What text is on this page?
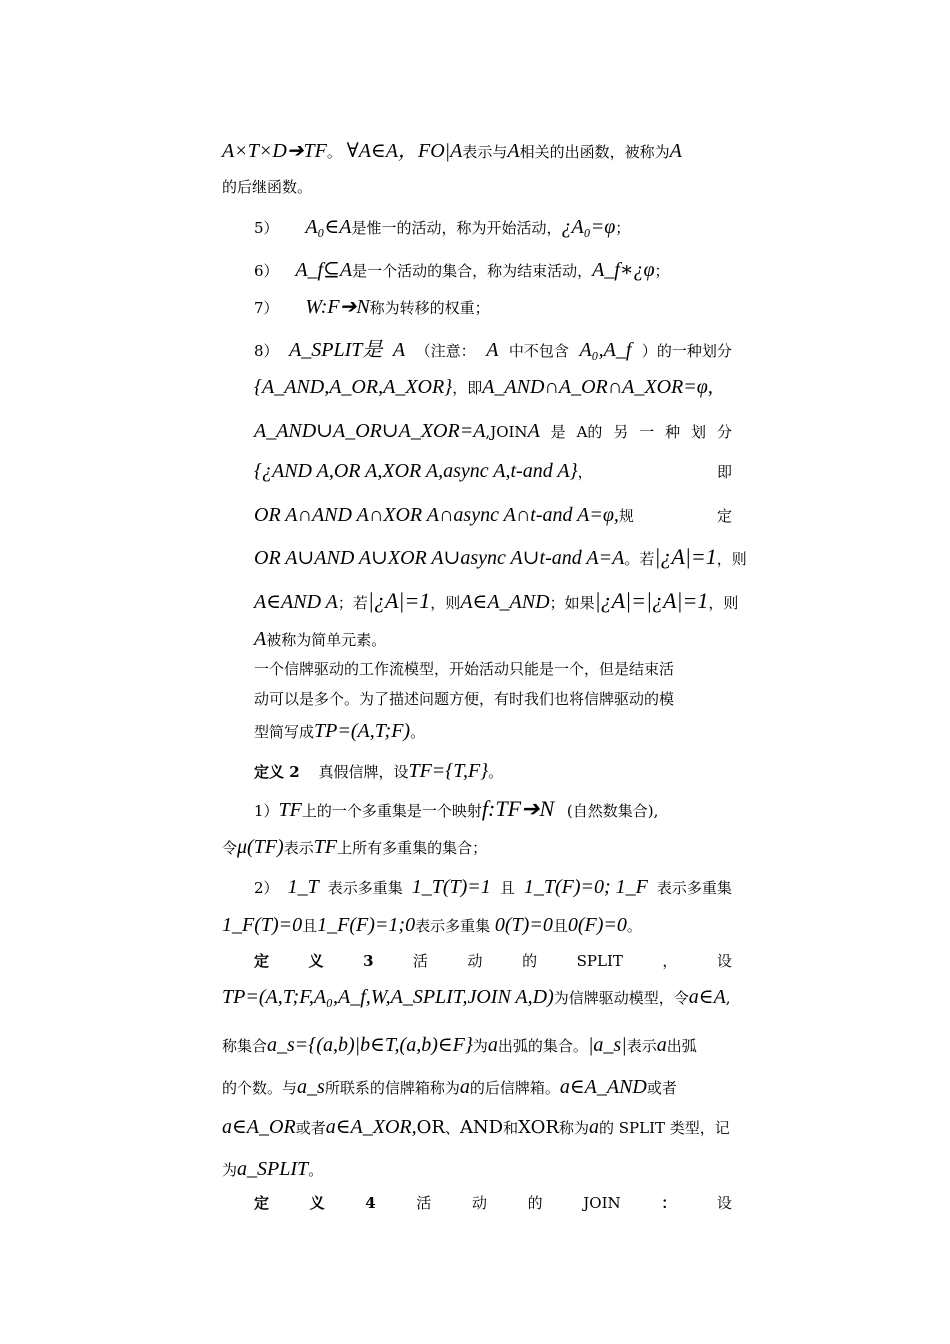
A×T×D➔TF。 ∀A∈A，FO|A表示与A相关的出函数，被称为A
的后继函数。
5） A₀∈A是惟一的活动，称为开始活动，¿A₀=φ；
6） A_f⊆A是一个活动的集合，称为结束活动，A_f∗¿φ；
7） W:F➔N称为转移的权重；
8） A_SPLIT是 A （注意： A 中不包含 A₀,A_f ）的一种划分
{A_AND,A_OR,A_XOR}，即A_AND∩A_OR∩A_XOR=φ,
A_AND∪A_OR∪A_XOR=A,JOINA 是 A的 另 一 种 划 分
{¿AND A,OR A,XOR A,async A,t-and A}，	即
OR A∩AND A∩XOR A∩async A∩t-and A=φ,规	定
OR A∪AND A∪XOR A∪async A∪t-and A=A 。 若 |¿A|=1， 则
A∈AND A；若|¿A|=1，则A∈A_AND；如果|¿A|=|¿A|=1，则
A被称为简单元素。
一个信牌驱动的工作流模型，开始活动只能是一个，但是结束活
动可以是多个。为了描述问题方便，有时我们也将信牌驱动的模
型简写成TP=(A,T;F)。
定义 2 真假信牌，设TF={T,F}。
1）TF上的一个多重集是一个映射f:TF➔N (自然数集合),
令μ(TF)表示TF上所有多重集的集合；
2） 1_T 表示多重集 1_T(T)=1 且 1_T(F)=0; 1_F 表示多重集
1_F(T)=0且1_F(F)=1;0表示多重集 0(T)=0且0(F)=0。
定	义	3	活	动	的	SPLIT	，	设
TP=(A,T;F,A₀,A_f,W,A_SPLIT,JOIN A,D)为信牌驱动模型，令a∈A,
称集合a_s={(a,b)|b∈T,(a,b)∈F}为a出弧的集合。|a_s|表示a出弧
的个数。与a_s所联系的信牌箱称为a的后信牌箱。a∈A_AND或者
a∈A_OR或者a∈A_XOR,OR、AND和XOR称为a的 SPLIT 类型，记
为a_SPLIT。
定	义	4	活	动	的	JOIN	：	设
